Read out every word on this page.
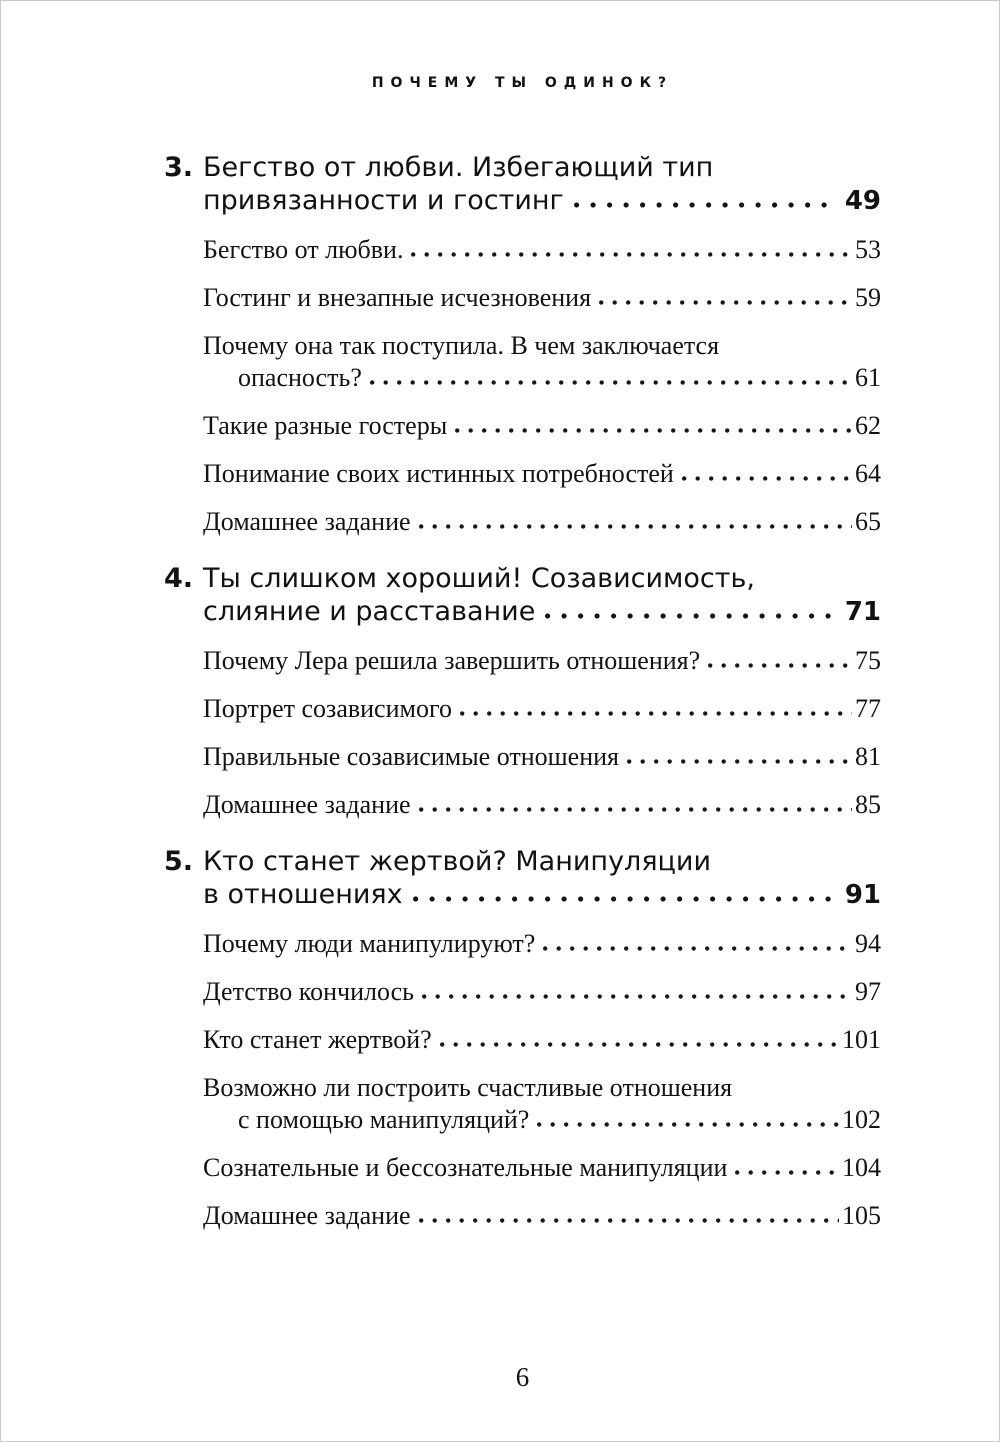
ПОЧЕМУ ТЫ ОДИНОК?
3. Бегство от любви. Избегающий тип
привязанности и гостинг	49
Бегство от любви.	53
Гостинг и внезапные исчезновения	59
Почему она так поступила. В чем заключается
опасность?	61
Такие разные гостеры	62
Понимание своих истинных потребностей	64
Домашнее задание	65
4. Ты слишком хороший! Созависимость,
слияние и расставание	71
Почему Лера решила завершить отношения?	75
Портрет созависимого	77
Правильные созависимые отношения	81
Домашнее задание	85
5. Кто станет жертвой? Манипуляции
в отношениях	91
Почему люди манипулируют?	94
Детство кончилось	97
Кто станет жертвой?	101
Возможно ли построить счастливые отношения
с помощью манипуляций?	102
Сознательные и бессознательные манипуляции	104
Домашнее задание	105
6
